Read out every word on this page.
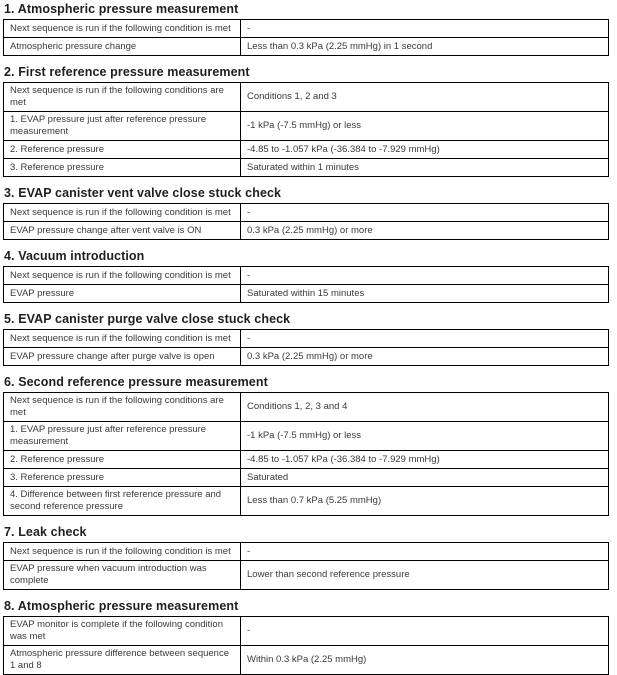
1. Atmospheric pressure measurement
Next sequence is run if the following condition is met	-
Atmospheric pressure change	Less than 0.3 kPa (2.25 mmHg) in 1 second
2. First reference pressure measurement
Next sequence is run if the following conditions are met	Conditions 1, 2 and 3
1. EVAP pressure just after reference pressure measurement	-1 kPa (-7.5 mmHg) or less
2. Reference pressure	-4.85 to -1.057 kPa (-36.384 to -7.929 mmHg)
3. Reference pressure	Saturated within 1 minutes
3. EVAP canister vent valve close stuck check
Next sequence is run if the following condition is met	-
EVAP pressure change after vent valve is ON	0.3 kPa (2.25 mmHg) or more
4. Vacuum introduction
Next sequence is run if the following condition is met	-
EVAP pressure	Saturated within 15 minutes
5. EVAP canister purge valve close stuck check
Next sequence is run if the following condition is met	-
EVAP pressure change after purge valve is open	0.3 kPa (2.25 mmHg) or more
6. Second reference pressure measurement
Next sequence is run if the following conditions are met	Conditions 1, 2, 3 and 4
1. EVAP pressure just after reference pressure measurement	-1 kPa (-7.5 mmHg) or less
2. Reference pressure	-4.85 to -1.057 kPa (-36.384 to -7.929 mmHg)
3. Reference pressure	Saturated
4. Difference between first reference pressure and second reference pressure	Less than 0.7 kPa (5.25 mmHg)
7. Leak check
Next sequence is run if the following condition is met	-
EVAP pressure when vacuum introduction was complete	Lower than second reference pressure
8. Atmospheric pressure measurement
EVAP monitor is complete if the following condition was met	-
Atmospheric pressure difference between sequence 1 and 8	Within 0.3 kPa (2.25 mmHg)
